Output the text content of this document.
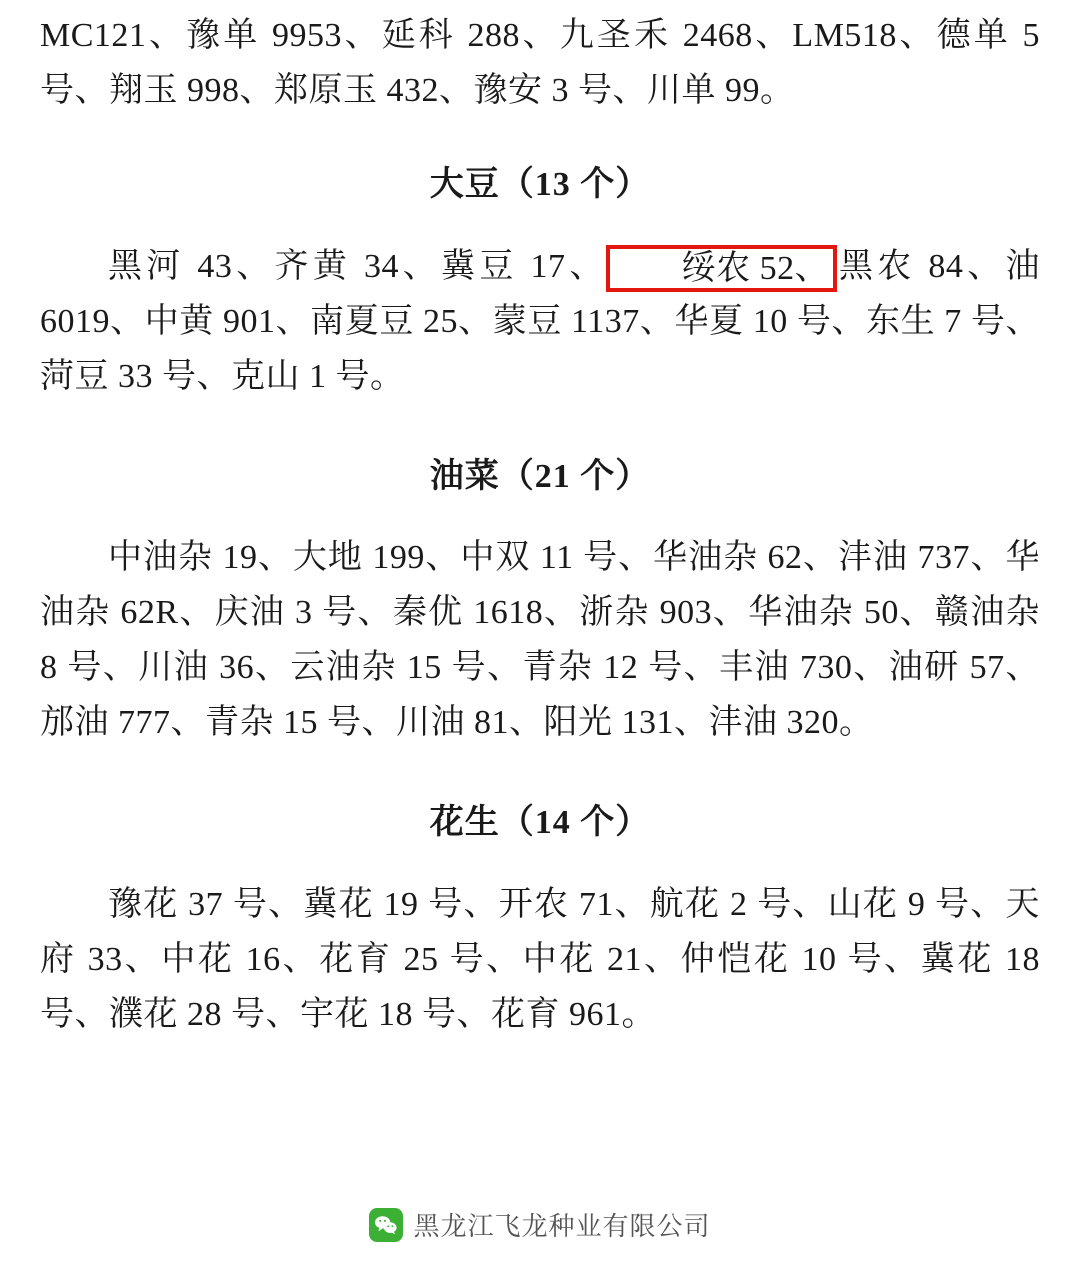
MC121、豫单 9953、延科 288、九圣禾 2468、LM518、德单 5 号、翔玉 998、郑原玉 432、豫安 3 号、川单 99。

大豆（13 个）

黑河 43、齐黄 34、冀豆 17、 绥农 52、 黑农 84、油 6019、中黄 901、南夏豆 25、蒙豆 1137、华夏 10 号、东生 7 号、菏豆 33 号、克山 1 号。

油菜（21 个）

中油杂 19、大地 199、中双 11 号、华油杂 62、沣油 737、华油杂 62R、庆油 3 号、秦优 1618、浙杂 903、华油杂 50、赣油杂 8 号、川油 36、云油杂 15 号、青杂 12 号、丰油 730、油研 57、邡油 777、青杂 15 号、川油 81、阳光 131、沣油 320。

花生（14 个）

豫花 37 号、冀花 19 号、开农 71、航花 2 号、山花 9 号、天府 33、中花 16、花育 25 号、中花 21、仲恺花 10 号、冀花 18 号、濮花 28 号、宇花 18 号、花育 961。

黑龙江飞龙种业有限公司
